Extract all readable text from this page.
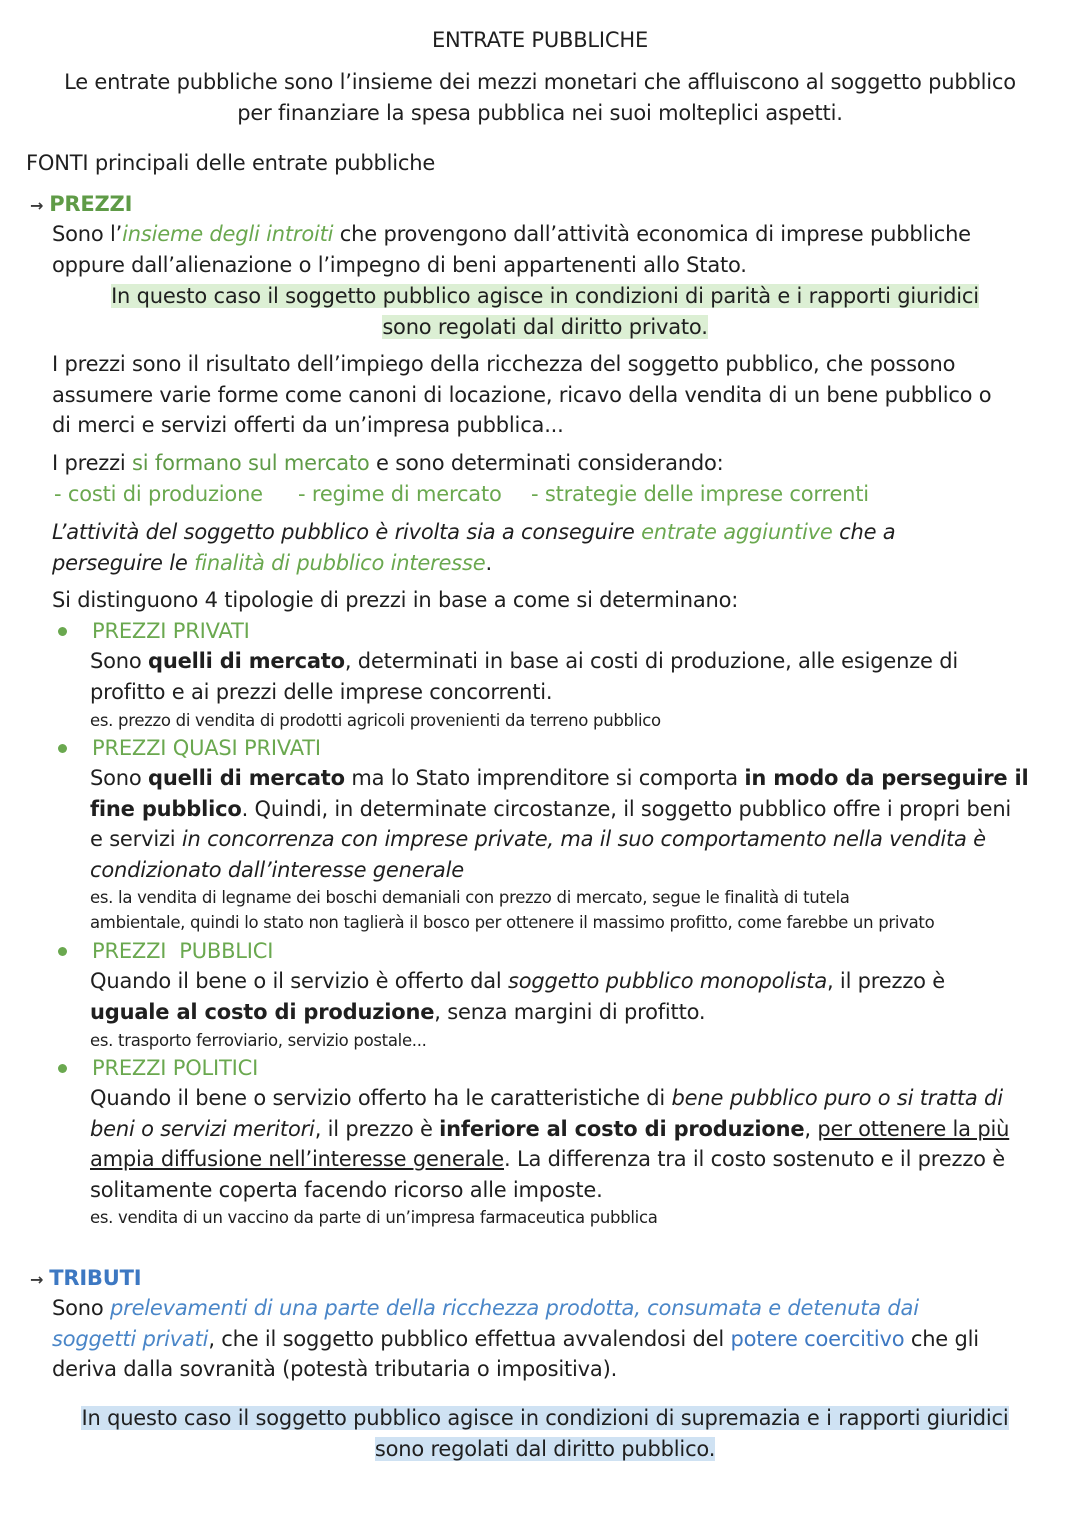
ENTRATE PUBBLICHE
Le entrate pubbliche sono l’insieme dei mezzi monetari che affluiscono al soggetto pubblico
per finanziare la spesa pubblica nei suoi molteplici aspetti.
FONTI principali delle entrate pubbliche
→ PREZZI
Sono l’insieme degli introiti che provengono dall’attività economica di imprese pubbliche
oppure dall’alienazione o l’impegno di beni appartenenti allo Stato.
In questo caso il soggetto pubblico agisce in condizioni di parità e i rapporti giuridici
sono regolati dal diritto privato.
I prezzi sono il risultato dell’impiego della ricchezza del soggetto pubblico, che possono
assumere varie forme come canoni di locazione, ricavo della vendita di un bene pubblico o
di merci e servizi offerti da un’impresa pubblica...
I prezzi si formano sul mercato e sono determinati considerando:
- costi di produzione - regime di mercato - strategie delle imprese correnti
L’attività del soggetto pubblico è rivolta sia a conseguire entrate aggiuntive che a
perseguire le finalità di pubblico interesse.
Si distinguono 4 tipologie di prezzi in base a come si determinano:
PREZZI PRIVATI
Sono quelli di mercato, determinati in base ai costi di produzione, alle esigenze di
profitto e ai prezzi delle imprese concorrenti.
es. prezzo di vendita di prodotti agricoli provenienti da terreno pubblico
PREZZI QUASI PRIVATI
Sono quelli di mercato ma lo Stato imprenditore si comporta in modo da perseguire il
fine pubblico. Quindi, in determinate circostanze, il soggetto pubblico offre i propri beni
e servizi in concorrenza con imprese private, ma il suo comportamento nella vendita è
condizionato dall’interesse generale
es. la vendita di legname dei boschi demaniali con prezzo di mercato, segue le finalità di tutela
ambientale, quindi lo stato non taglierà il bosco per ottenere il massimo profitto, come farebbe un privato
PREZZI  PUBBLICI
Quando il bene o il servizio è offerto dal soggetto pubblico monopolista, il prezzo è
uguale al costo di produzione, senza margini di profitto.
es. trasporto ferroviario, servizio postale...
PREZZI POLITICI
Quando il bene o servizio offerto ha le caratteristiche di bene pubblico puro o si tratta di
beni o servizi meritori, il prezzo è inferiore al costo di produzione, per ottenere la più
ampia diffusione nell’interesse generale. La differenza tra il costo sostenuto e il prezzo è
solitamente coperta facendo ricorso alle imposte.
es. vendita di un vaccino da parte di un’impresa farmaceutica pubblica
→ TRIBUTI
Sono prelevamenti di una parte della ricchezza prodotta, consumata e detenuta dai
soggetti privati, che il soggetto pubblico effettua avvalendosi del potere coercitivo che gli
deriva dalla sovranità (potestà tributaria o impositiva).
In questo caso il soggetto pubblico agisce in condizioni di supremazia e i rapporti giuridici
sono regolati dal diritto pubblico.
